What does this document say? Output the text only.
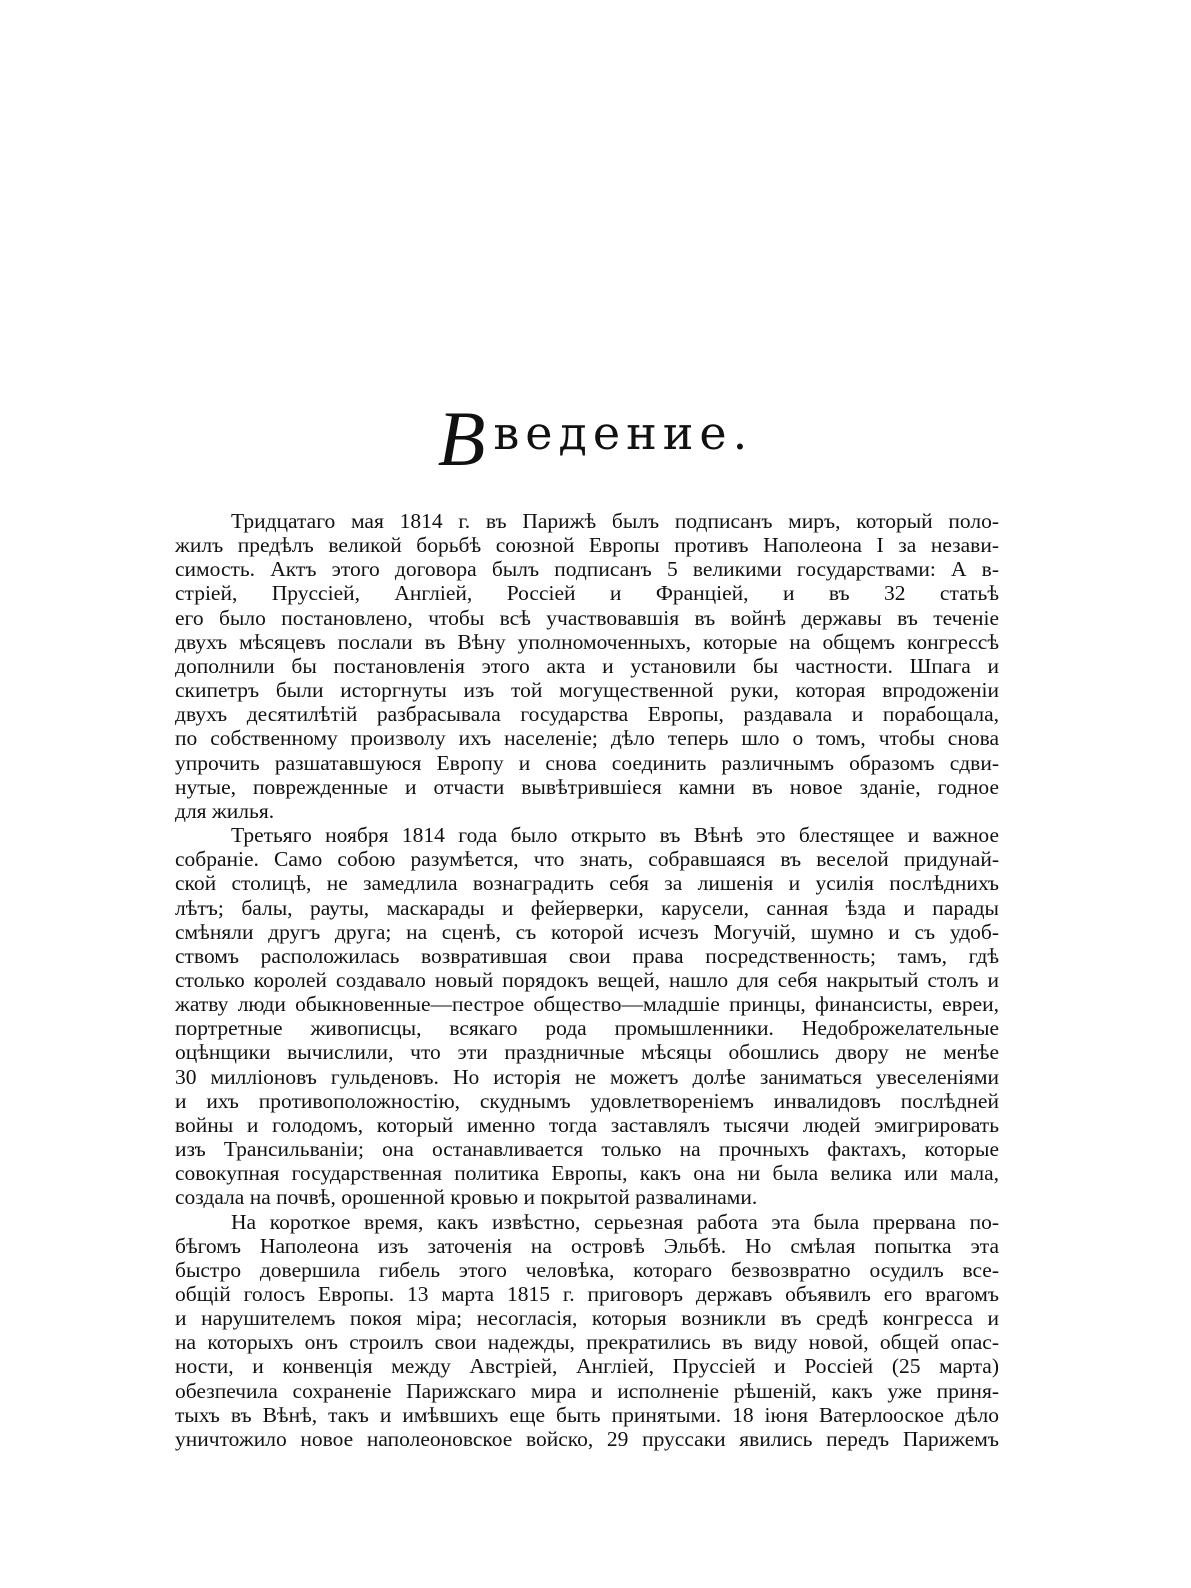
Введение.
Тридцатаго мая 1814 г. въ Парижѣ былъ подписанъ миръ, который поло-
жилъ предѣлъ великой борьбѣ союзной Европы противъ Наполеона I за незави-
симость. Актъ этого договора былъ подписанъ 5 великими государствами: А в-
стріей, Пруссіей, Англіей, Россіей и Франціей, и въ 32 статьѣ
его было постановлено, чтобы всѣ участвовавшія въ войнѣ державы въ теченіе
двухъ мѣсяцевъ послали въ Вѣну уполномоченныхъ, которые на общемъ конгрессѣ
дополнили бы постановленія этого акта и установили бы частности. Шпага и
скипетръ были исторгнуты изъ той могущественной руки, которая впродоженіи
двухъ десятилѣтій разбрасывала государства Европы, раздавала и порабощала,
по собственному произволу ихъ населеніе; дѣло теперь шло о томъ, чтобы снова
упрочить разшатавшуюся Европу и снова соединить различнымъ образомъ сдви-
нутые, поврежденные и отчасти вывѣтрившіеся камни въ новое зданіе, годное
для жилья.
Третьяго ноября 1814 года было открыто въ Вѣнѣ это блестящее и важное
собраніе. Само собою разумѣется, что знать, собравшаяся въ веселой придунай-
ской столицѣ, не замедлила вознаградить себя за лишенія и усилія послѣднихъ
лѣтъ; балы, рауты, маскарады и фейерверки, карусели, санная ѣзда и парады
смѣняли другъ друга; на сценѣ, съ которой исчезъ Могучій, шумно и съ удоб-
ствомъ расположилась возвратившая свои права посредственность; тамъ, гдѣ
столько королей создавало новый порядокъ вещей, нашло для себя накрытый столъ и
жатву люди обыкновенные—пестрое общество—младшіе принцы, финансисты, евреи,
портретные живописцы, всякаго рода промышленники. Недоброжелательные
оцѣнщики вычислили, что эти праздничные мѣсяцы обошлись двору не менѣе
30 милліоновъ гульденовъ. Но исторія не можетъ долѣе заниматься увеселеніями
и ихъ противоположностію, скуднымъ удовлетвореніемъ инвалидовъ послѣдней
войны и голодомъ, который именно тогда заставлялъ тысячи людей эмигрировать
изъ Трансильваніи; она останавливается только на прочныхъ фактахъ, которые
совокупная государственная политика Европы, какъ она ни была велика или мала,
создала на почвѣ, орошенной кровью и покрытой развалинами.
На короткое время, какъ извѣстно, серьезная работа эта была прервана по-
бѣгомъ Наполеона изъ заточенія на островѣ Эльбѣ. Но смѣлая попытка эта
быстро довершила гибель этого человѣка, котораго безвозвратно осудилъ все-
общій голосъ Европы. 13 марта 1815 г. приговоръ державъ объявилъ его врагомъ
и нарушителемъ покоя міра; несогласія, которыя возникли въ средѣ конгресса и
на которыхъ онъ строилъ свои надежды, прекратились въ виду новой, общей опас-
ности, и конвенція между Австріей, Англіей, Пруссіей и Россіей (25 марта)
обезпечила сохраненіе Парижскаго мира и исполненіе рѣшеній, какъ уже приня-
тыхъ въ Вѣнѣ, такъ и имѣвшихъ еще быть принятыми. 18 іюня Ватерлооское дѣло
уничтожило новое наполеоновское войско, 29 пруссаки явились передъ Парижемъ
